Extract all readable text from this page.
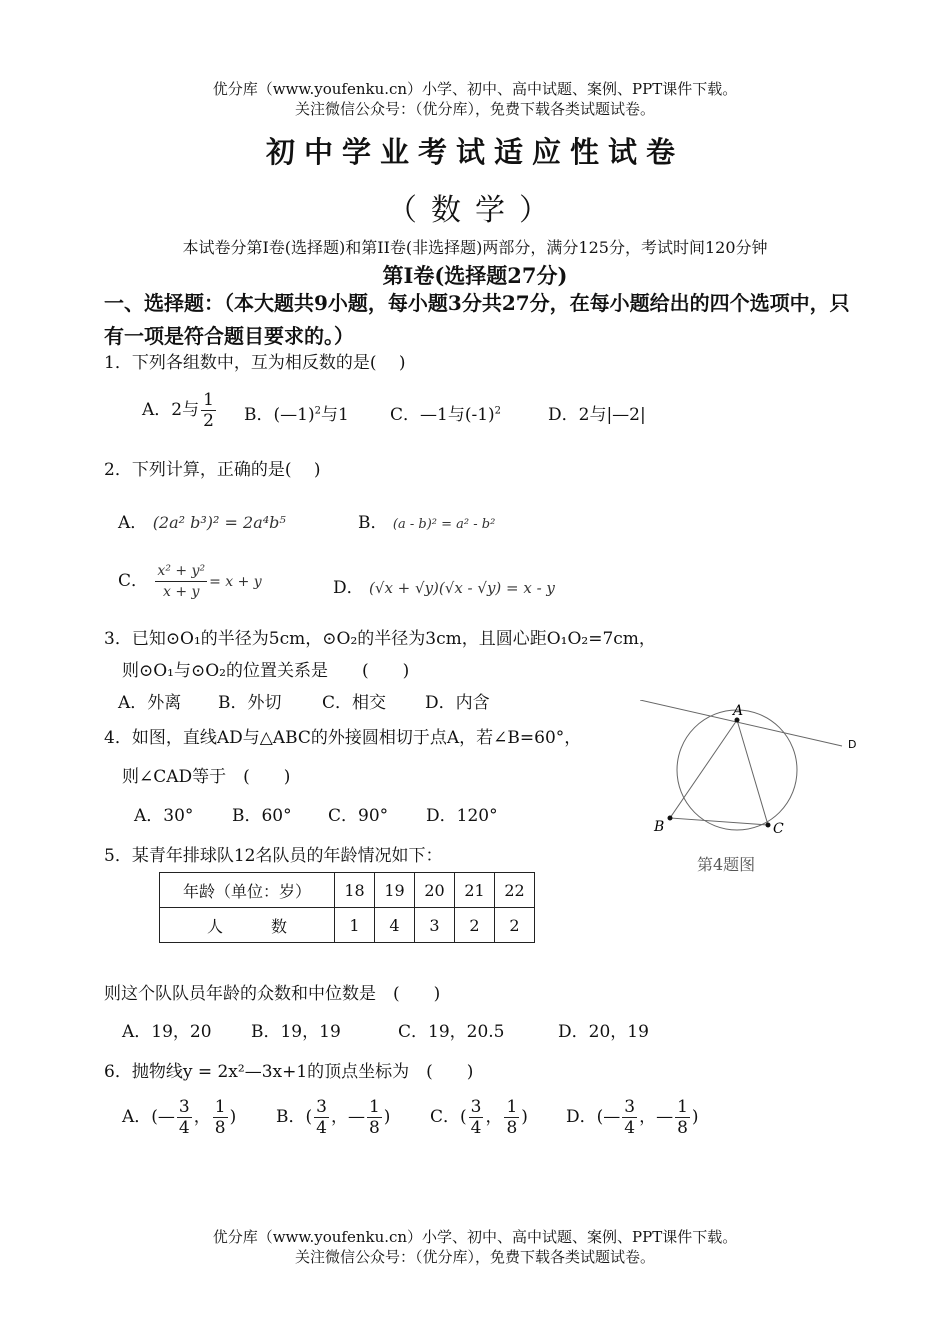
优分库（www.youfenku.cn）小学、初中、高中试题、案例、PPT课件下载。
关注微信公众号：（优分库），免费下载各类试题试卷。
初中学业考试适应性试卷
（数学）
本试卷分第Ⅰ卷(选择题)和第II卷(非选择题)两部分，满分125分，考试时间120分钟
第Ⅰ卷(选择题27分)
一、选择题：（本大题共9小题，每小题3分共27分，在每小题给出的四个选项中，只有一项是符合题目要求的。）
1．下列各组数中，互为相反数的是(　 )
A．2与 $\frac{1}{2}$ B．(—1)$^2$与1 C．—1与$(-1)^2$	D．2与|—2|
2．下列计算，正确的是(　 )
A． (2a² b³)² = 2a⁴b⁵	B． (a - b)² = a² - b²
C． $\frac{\text{x² + y²}}{x + y} = x + y$	D． (√x + √y)(√x - √y) = x - y
3．已知⊙O₁的半径为5cm，⊙O₂的半径为3cm，且圆心距O₁O₂=7cm，
则⊙O₁与⊙O₂的位置关系是　　(　　)
A．外离 B．外切 C．相交 D．内含
4．如图，直线AD与△ABC的外接圆相切于点A，若∠B=60°，
则∠CAD等于　(　　)
A．30° B．60° C．90° D．120°
A
B	C
D
第4题图
5．某青年排球队12名队员的年龄情况如下：
年龄（单位：岁）	18	19	20	21	22
人　　　数	1	4	3	2	2
则这个队队员年龄的众数和中位数是　(　　)
A．19，20 B．19，19	C．19，20.5	D．20，19
6．抛物线y = 2x²—3x+1的顶点坐标为　(　　)
A．(— $\frac{3}{4}$ ， $\frac{1}{8}$ ) B．( $\frac{3}{4}$ ，— $\frac{1}{8}$ ) C．( $\frac{3}{4}$ ， $\frac{1}{8}$ ) D．(— $\frac{3}{4}$ ，— $\frac{1}{8}$ )
优分库（www.youfenku.cn）小学、初中、高中试题、案例、PPT课件下载。
关注微信公众号：（优分库），免费下载各类试题试卷。
